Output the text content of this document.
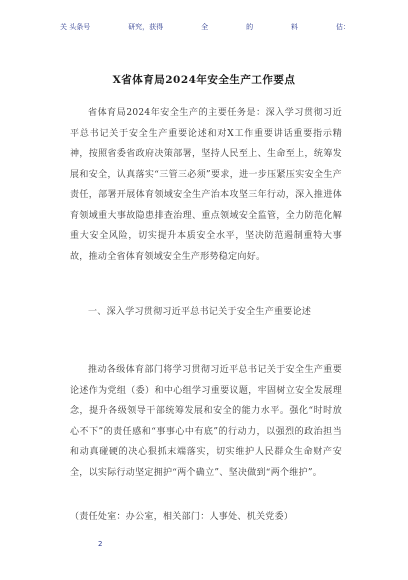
关 头条号	研究，获得	全	的	料	估：
X省体育局2024年安全生产工作要点
省体育局2024年安全生产的主要任务是：深入学习贯彻习近平总书记关于安全生产重要论述和对X工作重要讲话重要指示精神，按照省委省政府决策部署，坚持人民至上、生命至上，统筹发展和安全，认真落实“三管三必须”要求，进一步压紧压实安全生产责任，部署开展体育领域安全生产治本攻坚三年行动，深入推进体育领域重大事故隐患排查治理、重点领域安全监管，全力防范化解重大安全风险，切实提升本质安全水平，坚决防范遏制重特大事故，推动全省体育领域安全生产形势稳定向好。
一、深入学习贯彻习近平总书记关于安全生产重要论述
推动各级体育部门将学习贯彻习近平总书记关于安全生产重要论述作为党组（委）和中心组学习重要议题，牢固树立安全发展理念，提升各级领导干部统筹发展和安全的能力水平。强化“时时放心不下”的责任感和“事事心中有底”的行动力，以强烈的政治担当和动真碰硬的决心狠抓末端落实，切实维护人民群众生命财产安全，以实际行动坚定拥护“两个确立”、坚决做到“两个维护”。
（责任处室：办公室，相关部门：人事处、机关党委）
2
